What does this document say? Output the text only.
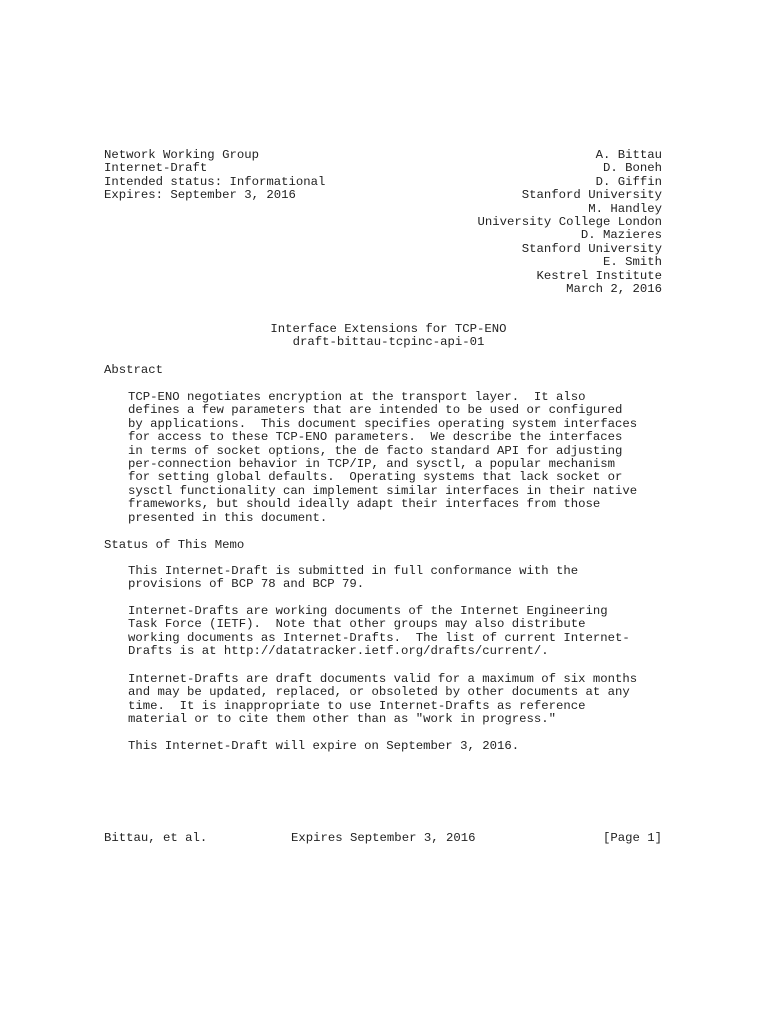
Network Working Group
Internet-Draft
Intended status: Informational
Expires: September 3, 2016
A. Bittau
D. Boneh
D. Giffin
Stanford University
M. Handley
University College London
D. Mazieres
Stanford University
E. Smith
Kestrel Institute
March 2, 2016
Interface Extensions for TCP-ENO
draft-bittau-tcpinc-api-01
Abstract
TCP-ENO negotiates encryption at the transport layer.  It also
defines a few parameters that are intended to be used or configured
by applications.  This document specifies operating system interfaces
for access to these TCP-ENO parameters.  We describe the interfaces
in terms of socket options, the de facto standard API for adjusting
per-connection behavior in TCP/IP, and sysctl, a popular mechanism
for setting global defaults.  Operating systems that lack socket or
sysctl functionality can implement similar interfaces in their native
frameworks, but should ideally adapt their interfaces from those
presented in this document.
Status of This Memo
This Internet-Draft is submitted in full conformance with the
provisions of BCP 78 and BCP 79.
Internet-Drafts are working documents of the Internet Engineering
Task Force (IETF).  Note that other groups may also distribute
working documents as Internet-Drafts.  The list of current Internet-
Drafts is at http://datatracker.ietf.org/drafts/current/.
Internet-Drafts are draft documents valid for a maximum of six months
and may be updated, replaced, or obsoleted by other documents at any
time.  It is inappropriate to use Internet-Drafts as reference
material or to cite them other than as "work in progress."
This Internet-Draft will expire on September 3, 2016.
Bittau, et al.	Expires September 3, 2016	[Page 1]
